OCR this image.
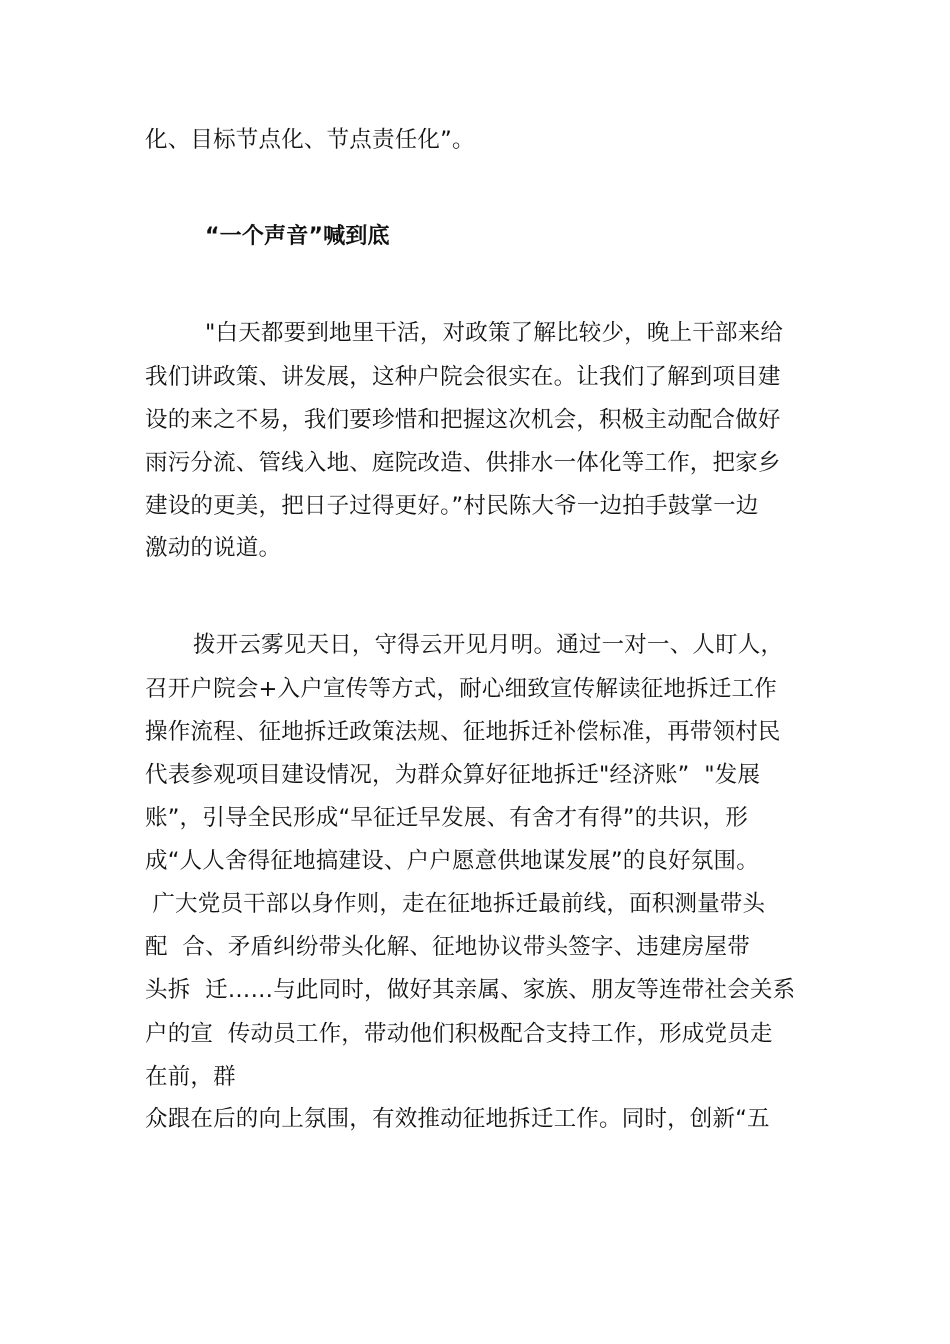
化、目标节点化、节点责任化”。
“一个声音”喊到底
"白天都要到地里干活，对政策了解比较少，晚上干部来给
我们讲政策、讲发展，这种户院会很实在。让我们了解到项目建
设的来之不易，我们要珍惜和把握这次机会，积极主动配合做好
雨污分流、管线入地、庭院改造、供排水一体化等工作，把家乡
建设的更美，把日子过得更好。”村民陈大爷一边拍手鼓掌一边
激动的说道。
拨开云雾见天日，守得云开见月明。通过一对一、人盯人，
召开户院会+入户宣传等方式，耐心细致宣传解读征地拆迁工作
操作流程、征地拆迁政策法规、征地拆迁补偿标准，再带领村民
代表参观项目建设情况，为群众算好征地拆迁"经济账”  "发展
账”，引导全民形成“早征迁早发展、有舍才有得”的共识，形
成“人人舍得征地搞建设、户户愿意供地谋发展”的良好氛围。
广大党员干部以身作则，走在征地拆迁最前线，面积测量带头
配  合、矛盾纠纷带头化解、征地协议带头签字、违建房屋带
头拆  迁……与此同时，做好其亲属、家族、朋友等连带社会关系
户的宣  传动员工作，带动他们积极配合支持工作，形成党员走
在前，群
众跟在后的向上氛围，有效推动征地拆迁工作。同时，创新“五
